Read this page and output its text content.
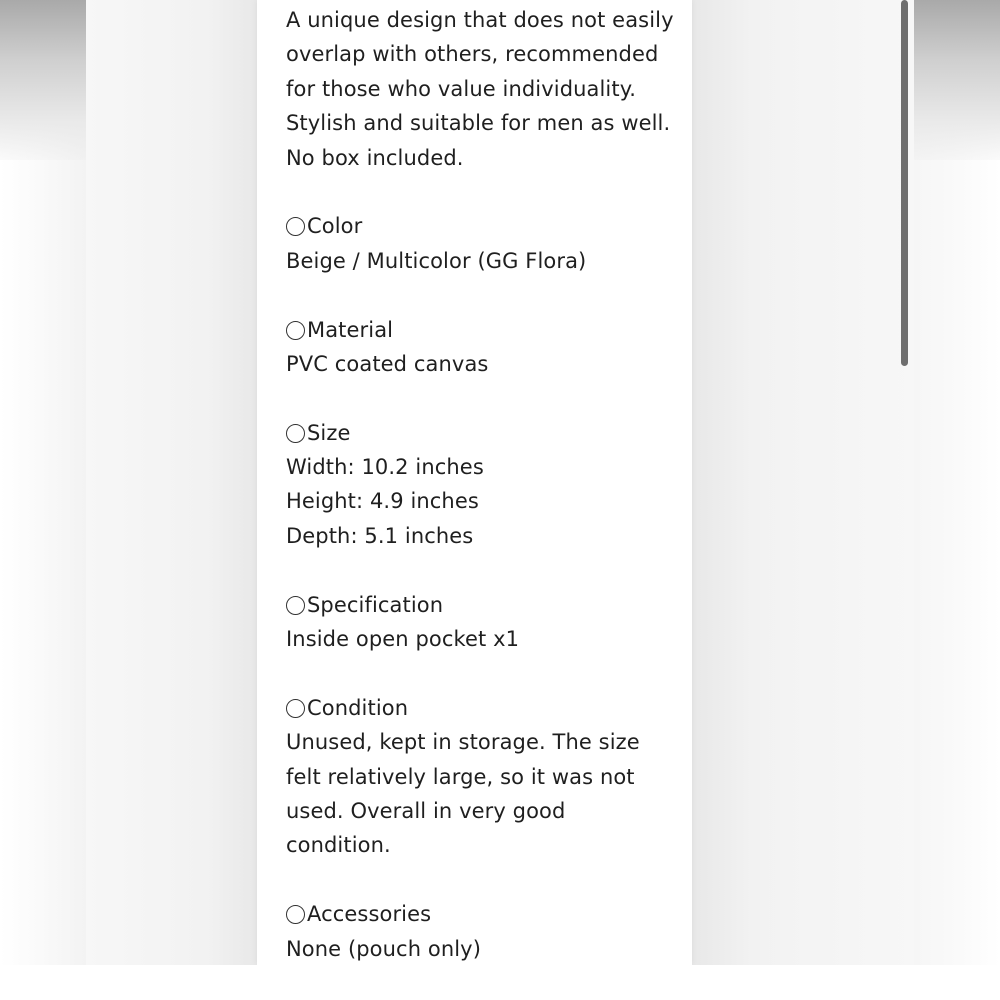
A unique design that does not easily
overlap with others, recommended
for those who value individuality.
Stylish and suitable for men as well.
No box included.
Color
Beige / Multicolor (GG Flora)
Material
PVC coated canvas
Size
Width: 10.2 inches
Height: 4.9 inches
Depth: 5.1 inches
Specification
Inside open pocket x1
Condition
Unused, kept in storage. The size
felt relatively large, so it was not
used. Overall in very good
condition.
Accessories
None (pouch only)
